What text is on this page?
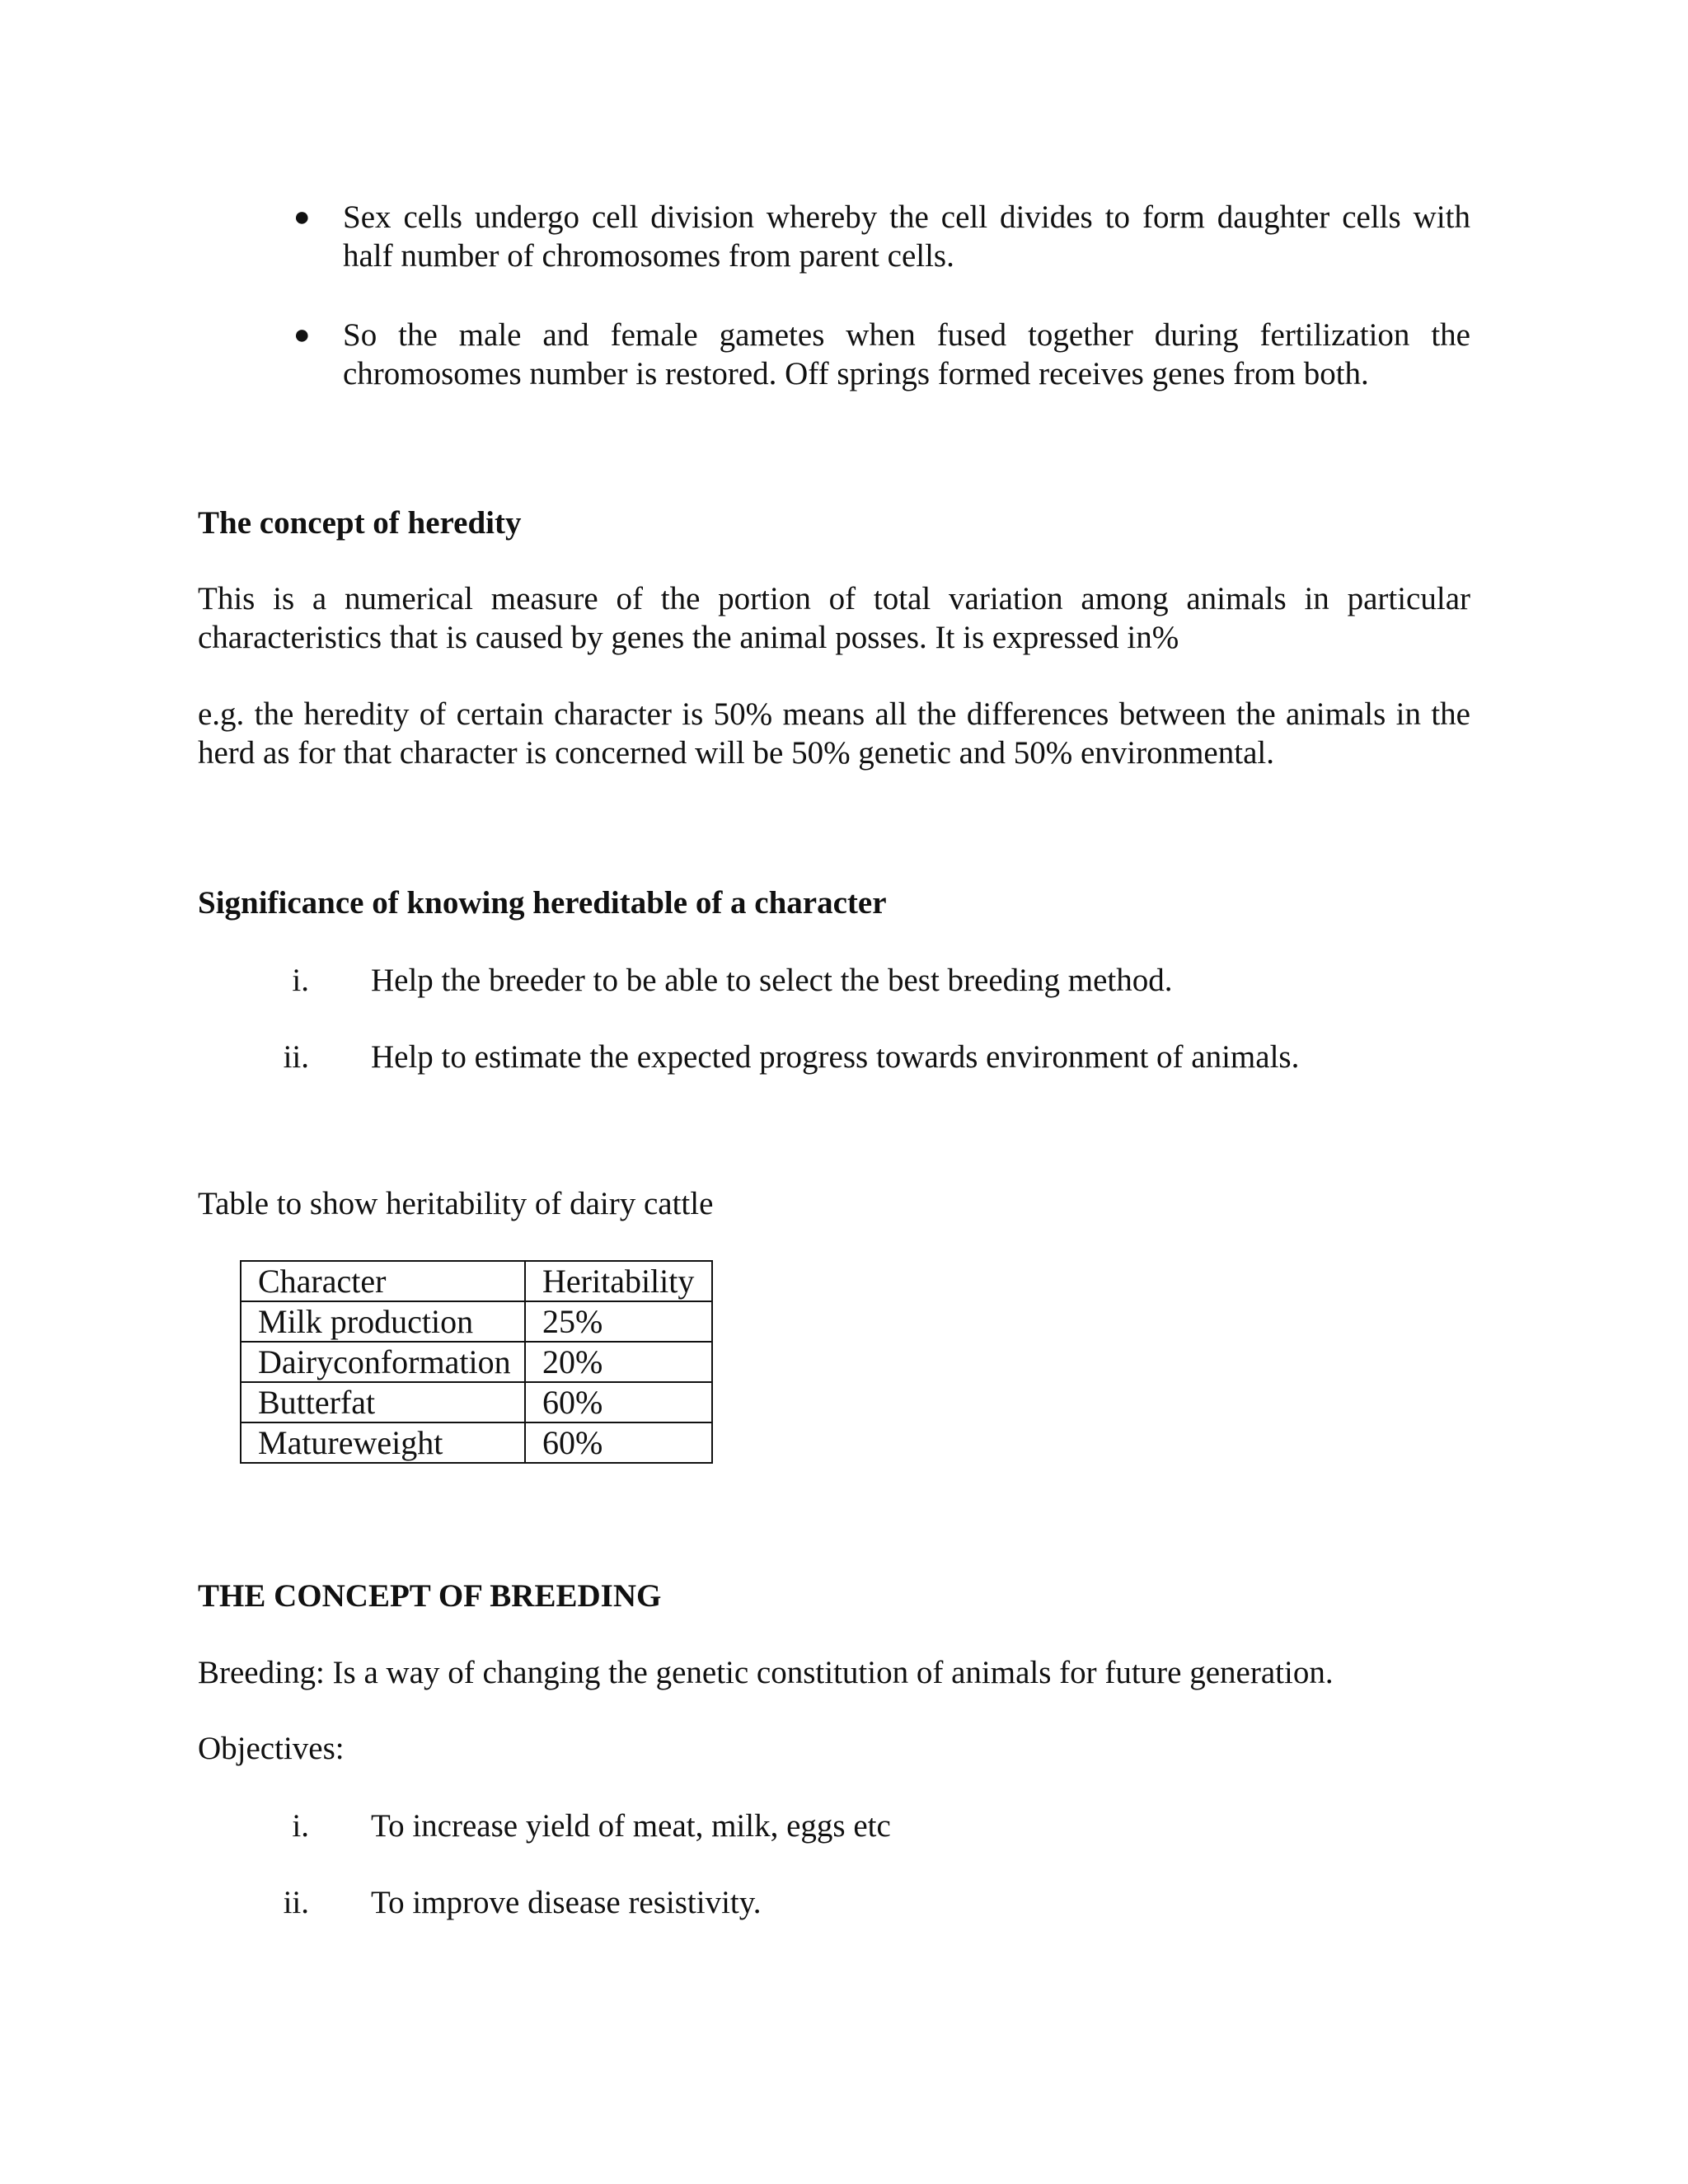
● Sex cells undergo cell division whereby the cell divides to form daughter cells with half number of chromosomes from parent cells.
● So the male and female gametes when fused together during fertilization the chromosomes number is restored. Off springs formed receives genes from both.
The concept of heredity
This is a numerical measure of the portion of total variation among animals in particular characteristics that is caused by genes the animal posses. It is expressed in%
e.g. the heredity of certain character is 50% means all the differences between the animals in the herd as for that character is concerned will be 50% genetic and 50% environmental.
Significance of knowing hereditable of a character
i. Help the breeder to be able to select the best breeding method.
ii. Help to estimate the expected progress towards environment of animals.
Table to show heritability of dairy cattle
Character	Heritability
Milk production	25%
Dairyconformation	20%
Butterfat	60%
Matureweight	60%
THE CONCEPT OF BREEDING
Breeding: Is a way of changing the genetic constitution of animals for future generation.
Objectives:
i. To increase yield of meat, milk, eggs etc
ii. To improve disease resistivity.
